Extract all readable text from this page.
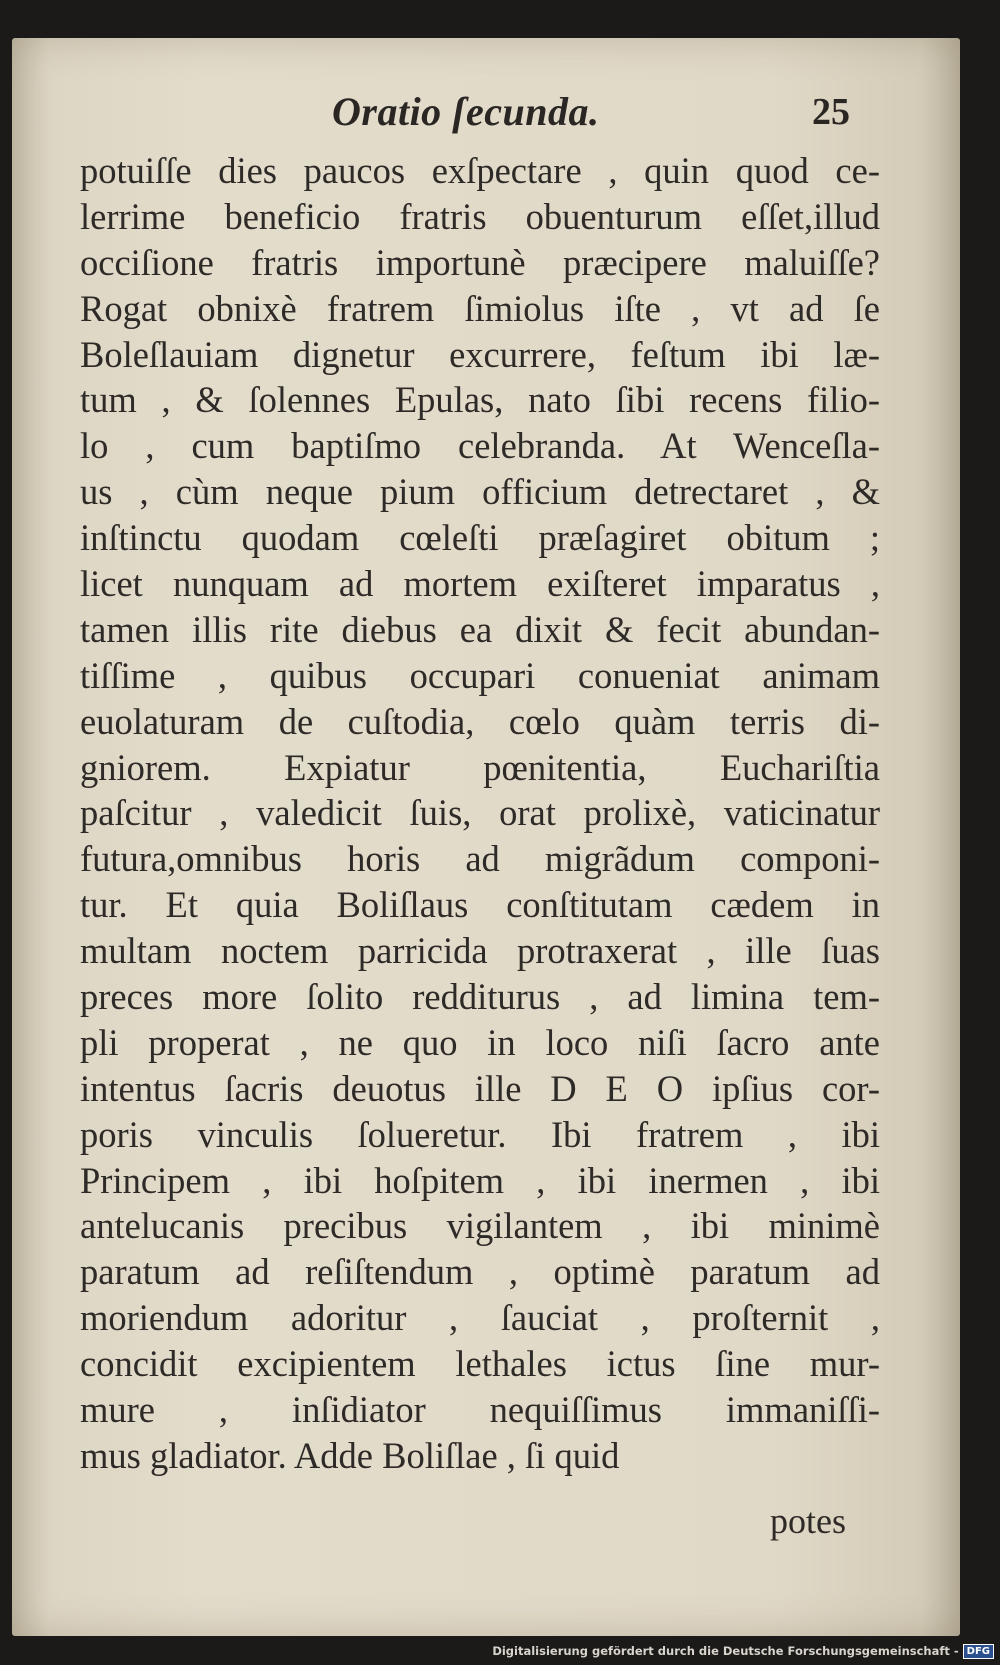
Oratio ſecunda.	25
potuiſſe dies paucos exſpectare , quin quod ce-
lerrime beneficio fratris obuenturum eſſet,illud
occiſione fratris importunè præcipere maluiſſe?
Rogat obnixè fratrem ſimiolus iſte , vt ad ſe
Boleſlauiam dignetur excurrere, feſtum ibi læ-
tum , & ſolennes Epulas, nato ſibi recens filio-
lo , cum baptiſmo celebranda. At Wenceſla-
us , cùm neque pium officium detrectaret , &
inſtinctu quodam cœleſti præſagiret obitum ;
licet nunquam ad mortem exiſteret imparatus ,
tamen illis rite diebus ea dixit & fecit abundan-
tiſſime , quibus occupari conueniat animam
euolaturam de cuſtodia, cœlo quàm terris di-
gniorem. Expiatur pœnitentia, Euchariſtia
paſcitur , valedicit ſuis, orat prolixè, vaticinatur
futura,omnibus horis ad migrãdum componi-
tur. Et quia Boliſlaus conſtitutam cædem in
multam noctem parricida protraxerat , ille ſuas
preces more ſolito redditurus , ad limina tem-
pli properat , ne quo in loco niſi ſacro ante
intentus ſacris deuotus ille D E O ipſius cor-
poris vinculis ſolueretur. Ibi fratrem , ibi
Principem , ibi hoſpitem , ibi inermen , ibi
antelucanis precibus vigilantem , ibi minimè
paratum ad reſiſtendum , optimè paratum ad
moriendum adoritur , ſauciat , proſternit ,
concidit excipientem lethales ictus ſine mur-
mure , inſidiator nequiſſimus immaniſſi-
mus gladiator. Adde Boliſlae , ſi quid
potes
Digitalisierung gefördert durch die Deutsche Forschungsgemeinschaft - DFG
